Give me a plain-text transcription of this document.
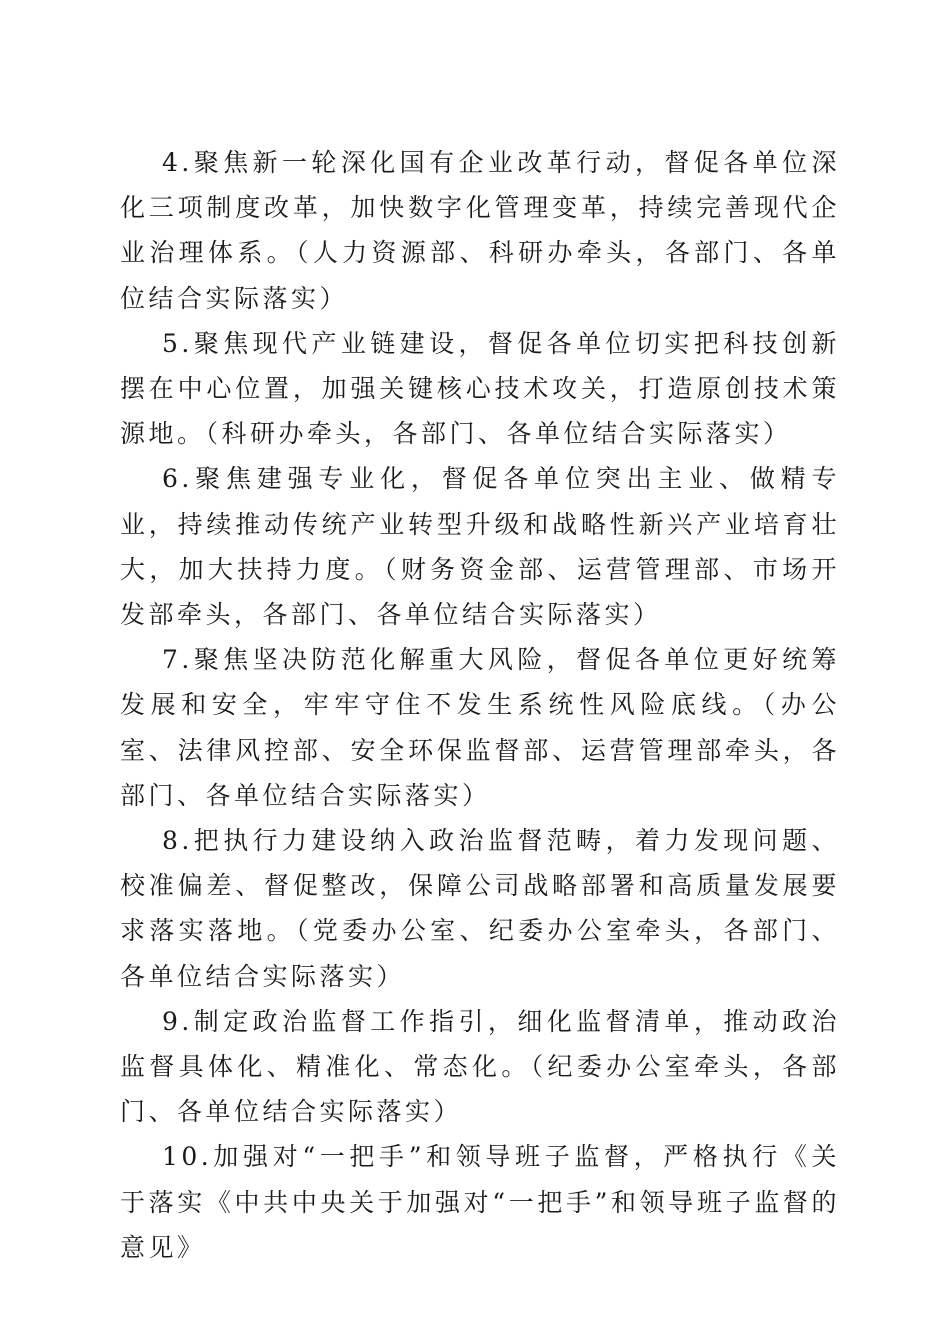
4.聚焦新一轮深化国有企业改革行动，督促各单位深化三项制度改革，加快数字化管理变革，持续完善现代企业治理体系。（人力资源部、科研办牵头，各部门、各单位结合实际落实）

5.聚焦现代产业链建设，督促各单位切实把科技创新摆在中心位置，加强关键核心技术攻关，打造原创技术策源地。（科研办牵头，各部门、各单位结合实际落实）

6.聚焦建强专业化，督促各单位突出主业、做精专业，持续推动传统产业转型升级和战略性新兴产业培育壮大，加大扶持力度。（财务资金部、运营管理部、市场开发部牵头，各部门、各单位结合实际落实）

7.聚焦坚决防范化解重大风险，督促各单位更好统筹发展和安全，牢牢守住不发生系统性风险底线。（办公室、法律风控部、安全环保监督部、运营管理部牵头，各部门、各单位结合实际落实）

8.把执行力建设纳入政治监督范畴，着力发现问题、校准偏差、督促整改，保障公司战略部署和高质量发展要求落实落地。（党委办公室、纪委办公室牵头，各部门、各单位结合实际落实）

9.制定政治监督工作指引，细化监督清单，推动政治监督具体化、精准化、常态化。（纪委办公室牵头，各部门、各单位结合实际落实）

10.加强对“一把手”和领导班子监督，严格执行《关于落实《中共中央关于加强对“一把手”和领导班子监督的意见》
